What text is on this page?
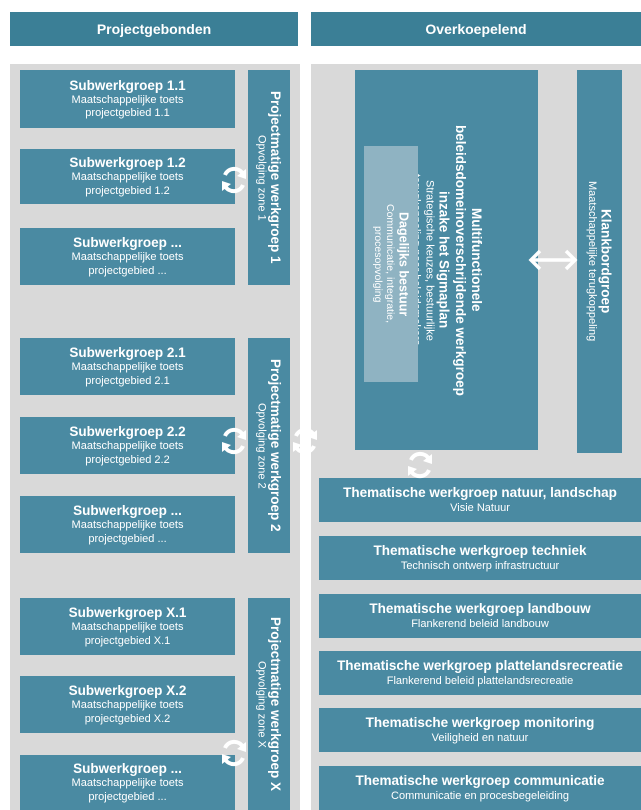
Projectgebonden	Overkoepelend
Subwerkgroep 1.1
Maatschappelijke toets projectgebied 1.1
Subwerkgroep 1.2
Maatschappelijke toets projectgebied 1.2
Subwerkgroep ...
Maatschappelijke toets projectgebied ...
Subwerkgroep 2.1
Maatschappelijke toets projectgebied 2.1
Subwerkgroep 2.2
Maatschappelijke toets projectgebied 2.2
Subwerkgroep ...
Maatschappelijke toets projectgebied ...
Subwerkgroep X.1
Maatschappelijke toets projectgebied X.1
Subwerkgroep X.2
Maatschappelijke toets projectgebied X.2
Subwerkgroep ...
Maatschappelijke toets projectgebied ...
Projectmatige werkgroep 1
Opvolging zone 1
Projectmatige werkgroep 2
Opvolging zone 2
Projectmatige werkgroep X
Opvolging zone X
Multifunctionele
beleidsdomeinoverschrijdende werkgroep
inzake het Sigmaplan
Strategische keuzes, bestuurlijke
Dagelijks bestuur
Communicatie, integratie,
procesopvolging	Klankbordgroep
Maatschappelijke terugkoppeling
Thematische werkgroep natuur, landschap
Visie Natuur
Thematische werkgroep techniek
Technisch ontwerp infrastructuur
Thematische werkgroep landbouw
Flankerend beleid landbouw
Thematische werkgroep plattelandsrecreatie
Flankerend beleid plattelandsrecreatie
Thematische werkgroep monitoring
Veiligheid en natuur
Thematische werkgroep communicatie
Communicatie en procesbegeleiding
